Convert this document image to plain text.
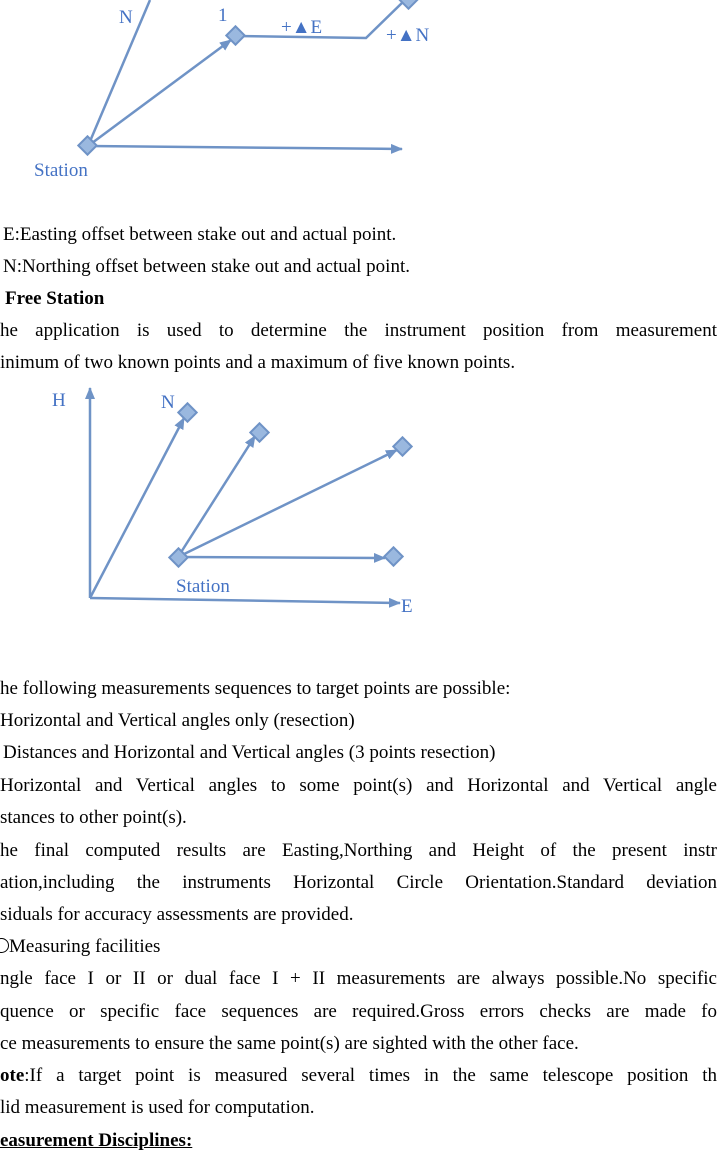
N	1
+▲E	+▲N
Station
E:Easting offset between stake out and actual point.
N:Northing offset between stake out and actual point.
Free Station
he application is used to determine the instrument position from measurement
inimum of two known points and a maximum of five known points.
H	N
Station
E
he following measurements sequences to target points are possible:
Horizontal and Vertical angles only (resection)
Distances and Horizontal and Vertical angles (3 points resection)
Horizontal and Vertical angles to some point(s) and Horizontal and Vertical angle
stances to other point(s).
he final computed results are Easting,Northing and Height of the present instr
ation,including the instruments Horizontal Circle Orientation.Standard deviation
siduals for accuracy assessments are provided.
Measuring facilities
ngle face I or II or dual face I + II measurements are always possible.No specific
quence or specific face sequences are required.Gross errors checks are made fo
ce measurements to ensure the same point(s) are sighted with the other face.
ote:If a target point is measured several times in the same telescope position th
lid measurement is used for computation.
easurement Disciplines:
